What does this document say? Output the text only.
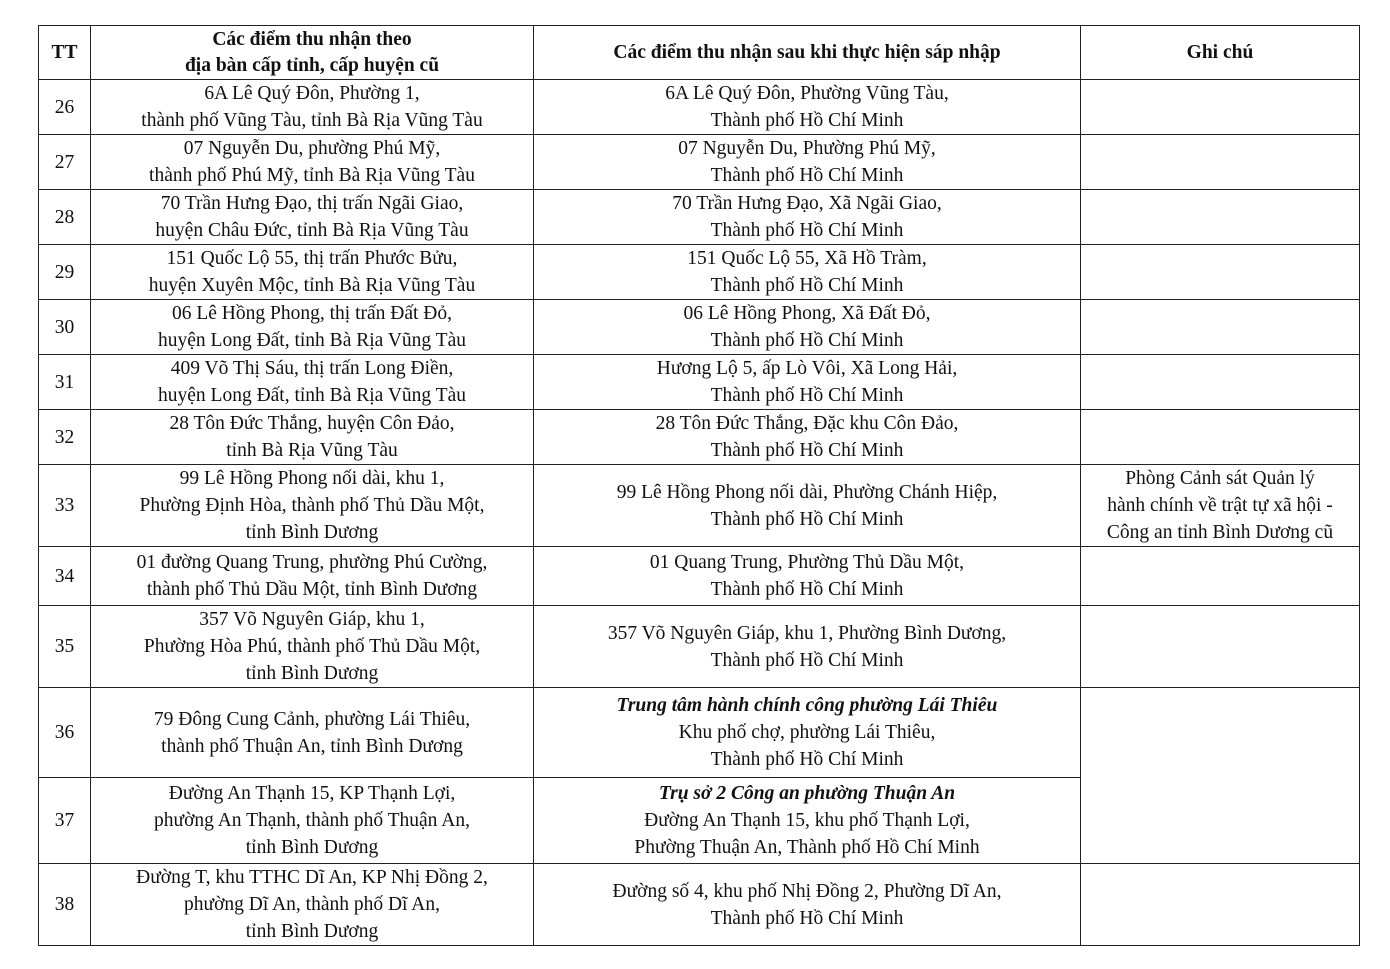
TT	Các điểm thu nhận theo
địa bàn cấp tỉnh, cấp huyện cũ	Các điểm thu nhận sau khi thực hiện sáp nhập	Ghi chú
26	6A Lê Quý Đôn, Phường 1,
thành phố Vũng Tàu, tỉnh Bà Rịa Vũng Tàu	6A Lê Quý Đôn, Phường Vũng Tàu,
Thành phố Hồ Chí Minh	

27	07 Nguyễn Du, phường Phú Mỹ,
thành phố Phú Mỹ, tỉnh Bà Rịa Vũng Tàu	07 Nguyễn Du, Phường Phú Mỹ,
Thành phố Hồ Chí Minh	

28	70 Trần Hưng Đạo, thị trấn Ngãi Giao,
huyện Châu Đức, tỉnh Bà Rịa Vũng Tàu	70 Trần Hưng Đạo, Xã Ngãi Giao,
Thành phố Hồ Chí Minh	

29	151 Quốc Lộ 55, thị trấn Phước Bửu,
huyện Xuyên Mộc, tỉnh Bà Rịa Vũng Tàu	151 Quốc Lộ 55, Xã Hồ Tràm,
Thành phố Hồ Chí Minh	

30	06 Lê Hồng Phong, thị trấn Đất Đỏ,
huyện Long Đất, tỉnh Bà Rịa Vũng Tàu	06 Lê Hồng Phong, Xã Đất Đỏ,
Thành phố Hồ Chí Minh	

31	409 Võ Thị Sáu, thị trấn Long Điền,
huyện Long Đất, tỉnh Bà Rịa Vũng Tàu	Hương Lộ 5, ấp Lò Vôi, Xã Long Hải,
Thành phố Hồ Chí Minh	

32	28 Tôn Đức Thắng, huyện Côn Đảo,
tỉnh Bà Rịa Vũng Tàu	28 Tôn Đức Thắng, Đặc khu Côn Đảo,
Thành phố Hồ Chí Minh	

33	99 Lê Hồng Phong nối dài, khu 1,
Phường Định Hòa, thành phố Thủ Dầu Một,
tỉnh Bình Dương	99 Lê Hồng Phong nối dài, Phường Chánh Hiệp,
Thành phố Hồ Chí Minh	Phòng Cảnh sát Quản lý
hành chính về trật tự xã hội -
Công an tỉnh Bình Dương cũ

34	01 đường Quang Trung, phường Phú Cường,
thành phố Thủ Dầu Một, tỉnh Bình Dương	01 Quang Trung, Phường Thủ Dầu Một,
Thành phố Hồ Chí Minh	

35	357 Võ Nguyên Giáp, khu 1,
Phường Hòa Phú, thành phố Thủ Dầu Một,
tỉnh Bình Dương	357 Võ Nguyên Giáp, khu 1, Phường Bình Dương,
Thành phố Hồ Chí Minh	

36	79 Đông Cung Cảnh, phường Lái Thiêu,
thành phố Thuận An, tỉnh Bình Dương	Trung tâm hành chính công phường Lái Thiêu
Khu phố chợ, phường Lái Thiêu,
Thành phố Hồ Chí Minh	

37	Đường An Thạnh 15, KP Thạnh Lợi,
phường An Thạnh, thành phố Thuận An,
tỉnh Bình Dương	Trụ sở 2 Công an phường Thuận An
Đường An Thạnh 15, khu phố Thạnh Lợi,
Phường Thuận An, Thành phố Hồ Chí Minh	

38	Đường T, khu TTHC Dĩ An, KP Nhị Đồng 2,
phường Dĩ An, thành phố Dĩ An,
tỉnh Bình Dương	Đường số 4, khu phố Nhị Đồng 2, Phường Dĩ An,
Thành phố Hồ Chí Minh	
